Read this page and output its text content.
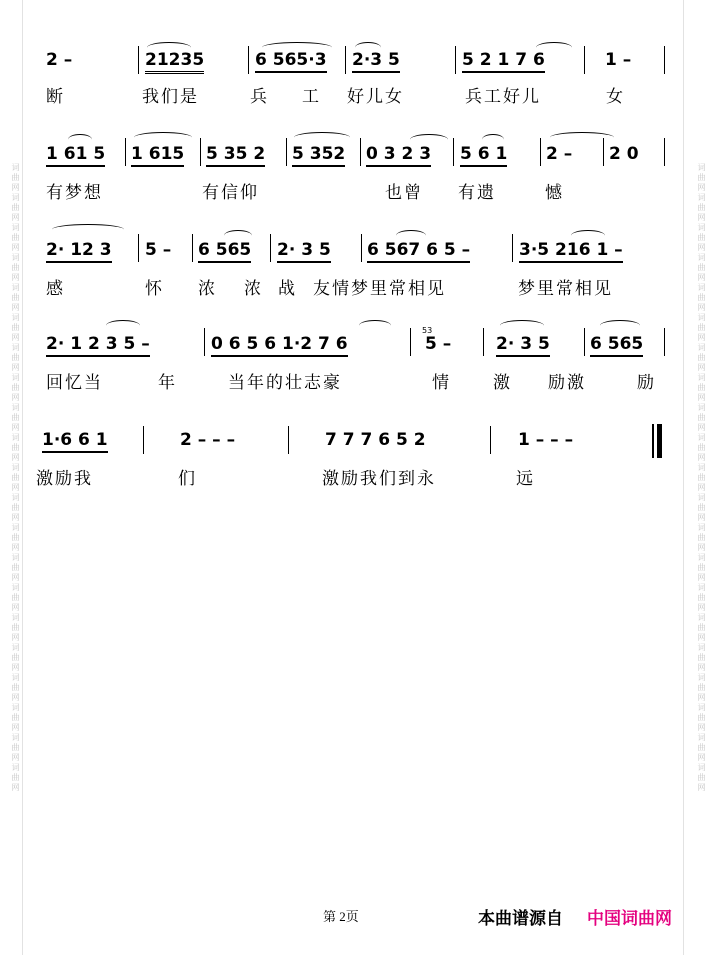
词曲网词曲网词曲网词曲网词曲网词曲网词曲网词曲网词曲网词曲网词曲网词曲网词曲网词曲网词曲网词曲网词曲网词曲网词曲网词曲网词曲网	词曲网词曲网词曲网词曲网词曲网词曲网词曲网词曲网词曲网词曲网词曲网词曲网词曲网词曲网词曲网词曲网词曲网词曲网词曲网词曲网词曲网
2 –	21235	6 565·3 2·3 5	5 2 1 7 6	1 –
断	我们是	兵 工 好儿女	兵工好儿	女
1 61 5 1 615 5 35 2 5 352 0 3 2 3 5 6 1 2 – 2 0
有梦想	有信仰	也曾 有遗	憾
2· 12 3 5 – 6 565 2· 3 5 6 567 6 5 –	3·5 216 1 –
感	怀 浓 浓 战 友情梦里常相见	梦里常相见
2· 1 2 3 5 –	0 6 5 6 1·2 7 6
53
5 –	2· 3 5 6 565
回忆当	年	当年的壮志豪	情 激 励激	励
1·6 6 1	2 – – –	7 7 7 6 5 2	1 – – –
激励我	们	激励我们到永	远
第 2页	本曲谱源自 中国词曲网
